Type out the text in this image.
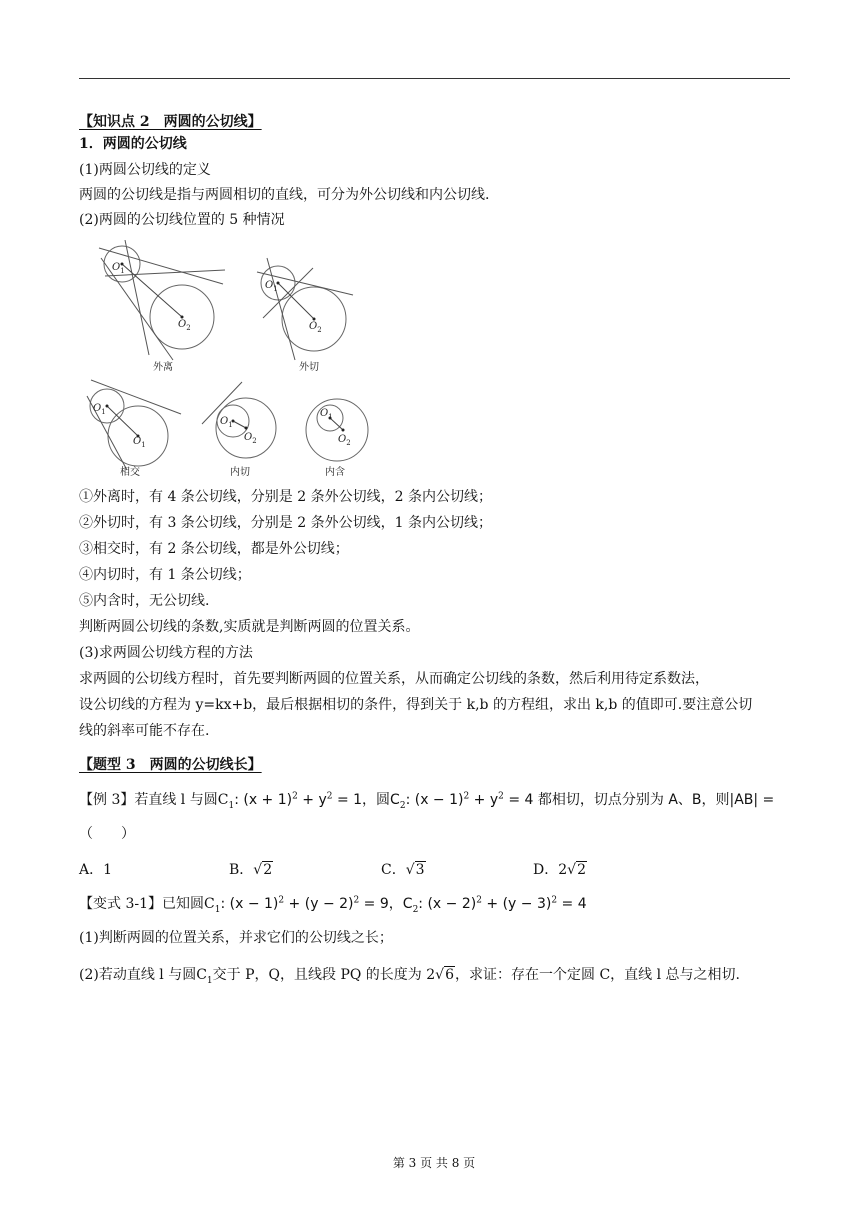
【知识点 2　两圆的公切线】
1．两圆的公切线
(1)两圆公切线的定义
两圆的公切线是指与两圆相切的直线，可分为外公切线和内公切线.
(2)两圆的公切线位置的 5 种情况
$O_1$
$O_2$
外离
$O_1$
$O_2$
外切
$O_1$
$O_1$
相交
$O_1$
$O_2$
内切
$O_1$
$O_2$
内含
①外离时，有 4 条公切线，分别是 2 条外公切线，2 条内公切线；
②外切时，有 3 条公切线，分别是 2 条外公切线，1 条内公切线；
③相交时，有 2 条公切线，都是外公切线；
④内切时，有 1 条公切线；
⑤内含时，无公切线.
判断两圆公切线的条数,实质就是判断两圆的位置关系。
(3)求两圆公切线方程的方法
求两圆的公切线方程时，首先要判断两圆的位置关系，从而确定公切线的条数，然后利用待定系数法，
设公切线的方程为 y=kx+b，最后根据相切的条件，得到关于 k,b 的方程组，求出 k,b 的值即可.要注意公切
线的斜率可能不存在.
【题型 3　两圆的公切线长】
【例 3】若直线 l 与圆$C_1$: $(x + 1)^2 + y^2 = 1$，圆$C_2$: $(x - 1)^2 + y^2 = 4$ 都相切，切点分别为 A、B，则|AB| =
（　　）
A．1	B．√2	C．√3	D．2√2
【变式 3-1】已知圆$C_1$: $(x - 1)^2 + (y - 2)^2 = 9$，$C_2$: $(x - 2)^2 + (y - 3)^2 = 4$
(1)判断两圆的位置关系，并求它们的公切线之长；
(2)若动直线 l 与圆$C_1$交于 P，Q，且线段 PQ 的长度为 2√6，求证：存在一个定圆 C，直线 l 总与之相切.
第 3 页 共 8 页
